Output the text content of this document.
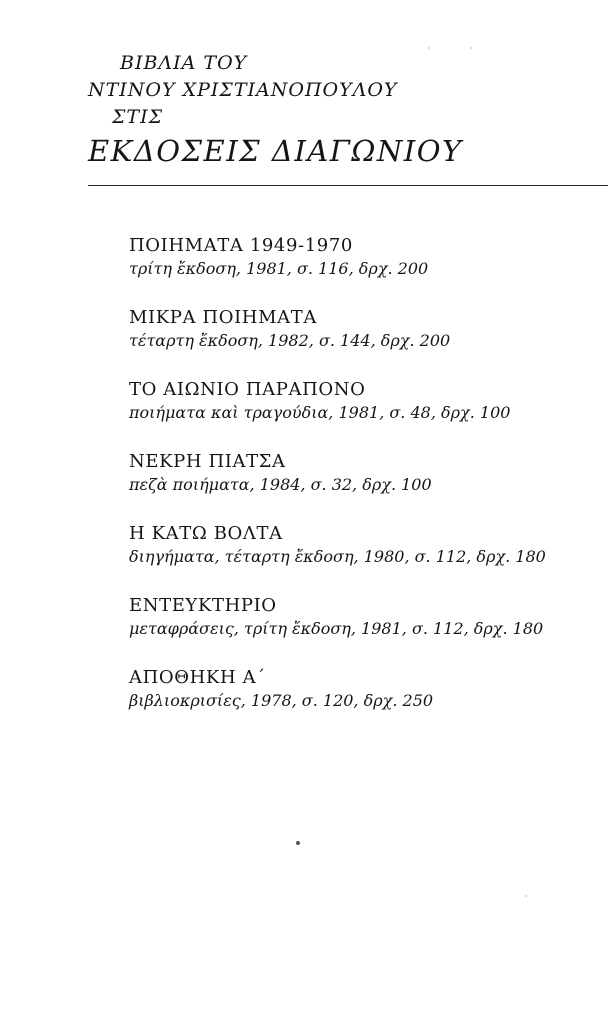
ΒΙΒΛΙΑ ΤΟΥ
ΝΤΙΝΟΥ ΧΡΙΣΤΙΑΝΟΠΟΥΛΟΥ
ΣΤΙΣ
ΕΚΔΟΣΕΙΣ ΔΙΑΓΩΝΙΟΥ
ΠΟΙΗΜΑΤΑ 1949-1970
τρίτη ἔκδοση, 1981, σ. 116, δρχ. 200
ΜΙΚΡΑ ΠΟΙΗΜΑΤΑ
τέταρτη ἔκδοση, 1982, σ. 144, δρχ. 200
ΤΟ ΑΙΩΝΙΟ ΠΑΡΑΠΟΝΟ
ποιήματα καὶ τραγούδια, 1981, σ. 48, δρχ. 100
ΝΕΚΡΗ ΠΙΑΤΣΑ
πεζὰ ποιήματα, 1984, σ. 32, δρχ. 100
Η ΚΑΤΩ ΒΟΛΤΑ
διηγήματα, τέταρτη ἔκδοση, 1980, σ. 112, δρχ. 180
ΕΝΤΕΥΚΤΗΡΙΟ
μεταφράσεις, τρίτη ἔκδοση, 1981, σ. 112, δρχ. 180
ΑΠΟΘΗΚΗ Α΄
βιβλιοκρισίες, 1978, σ. 120, δρχ. 250
